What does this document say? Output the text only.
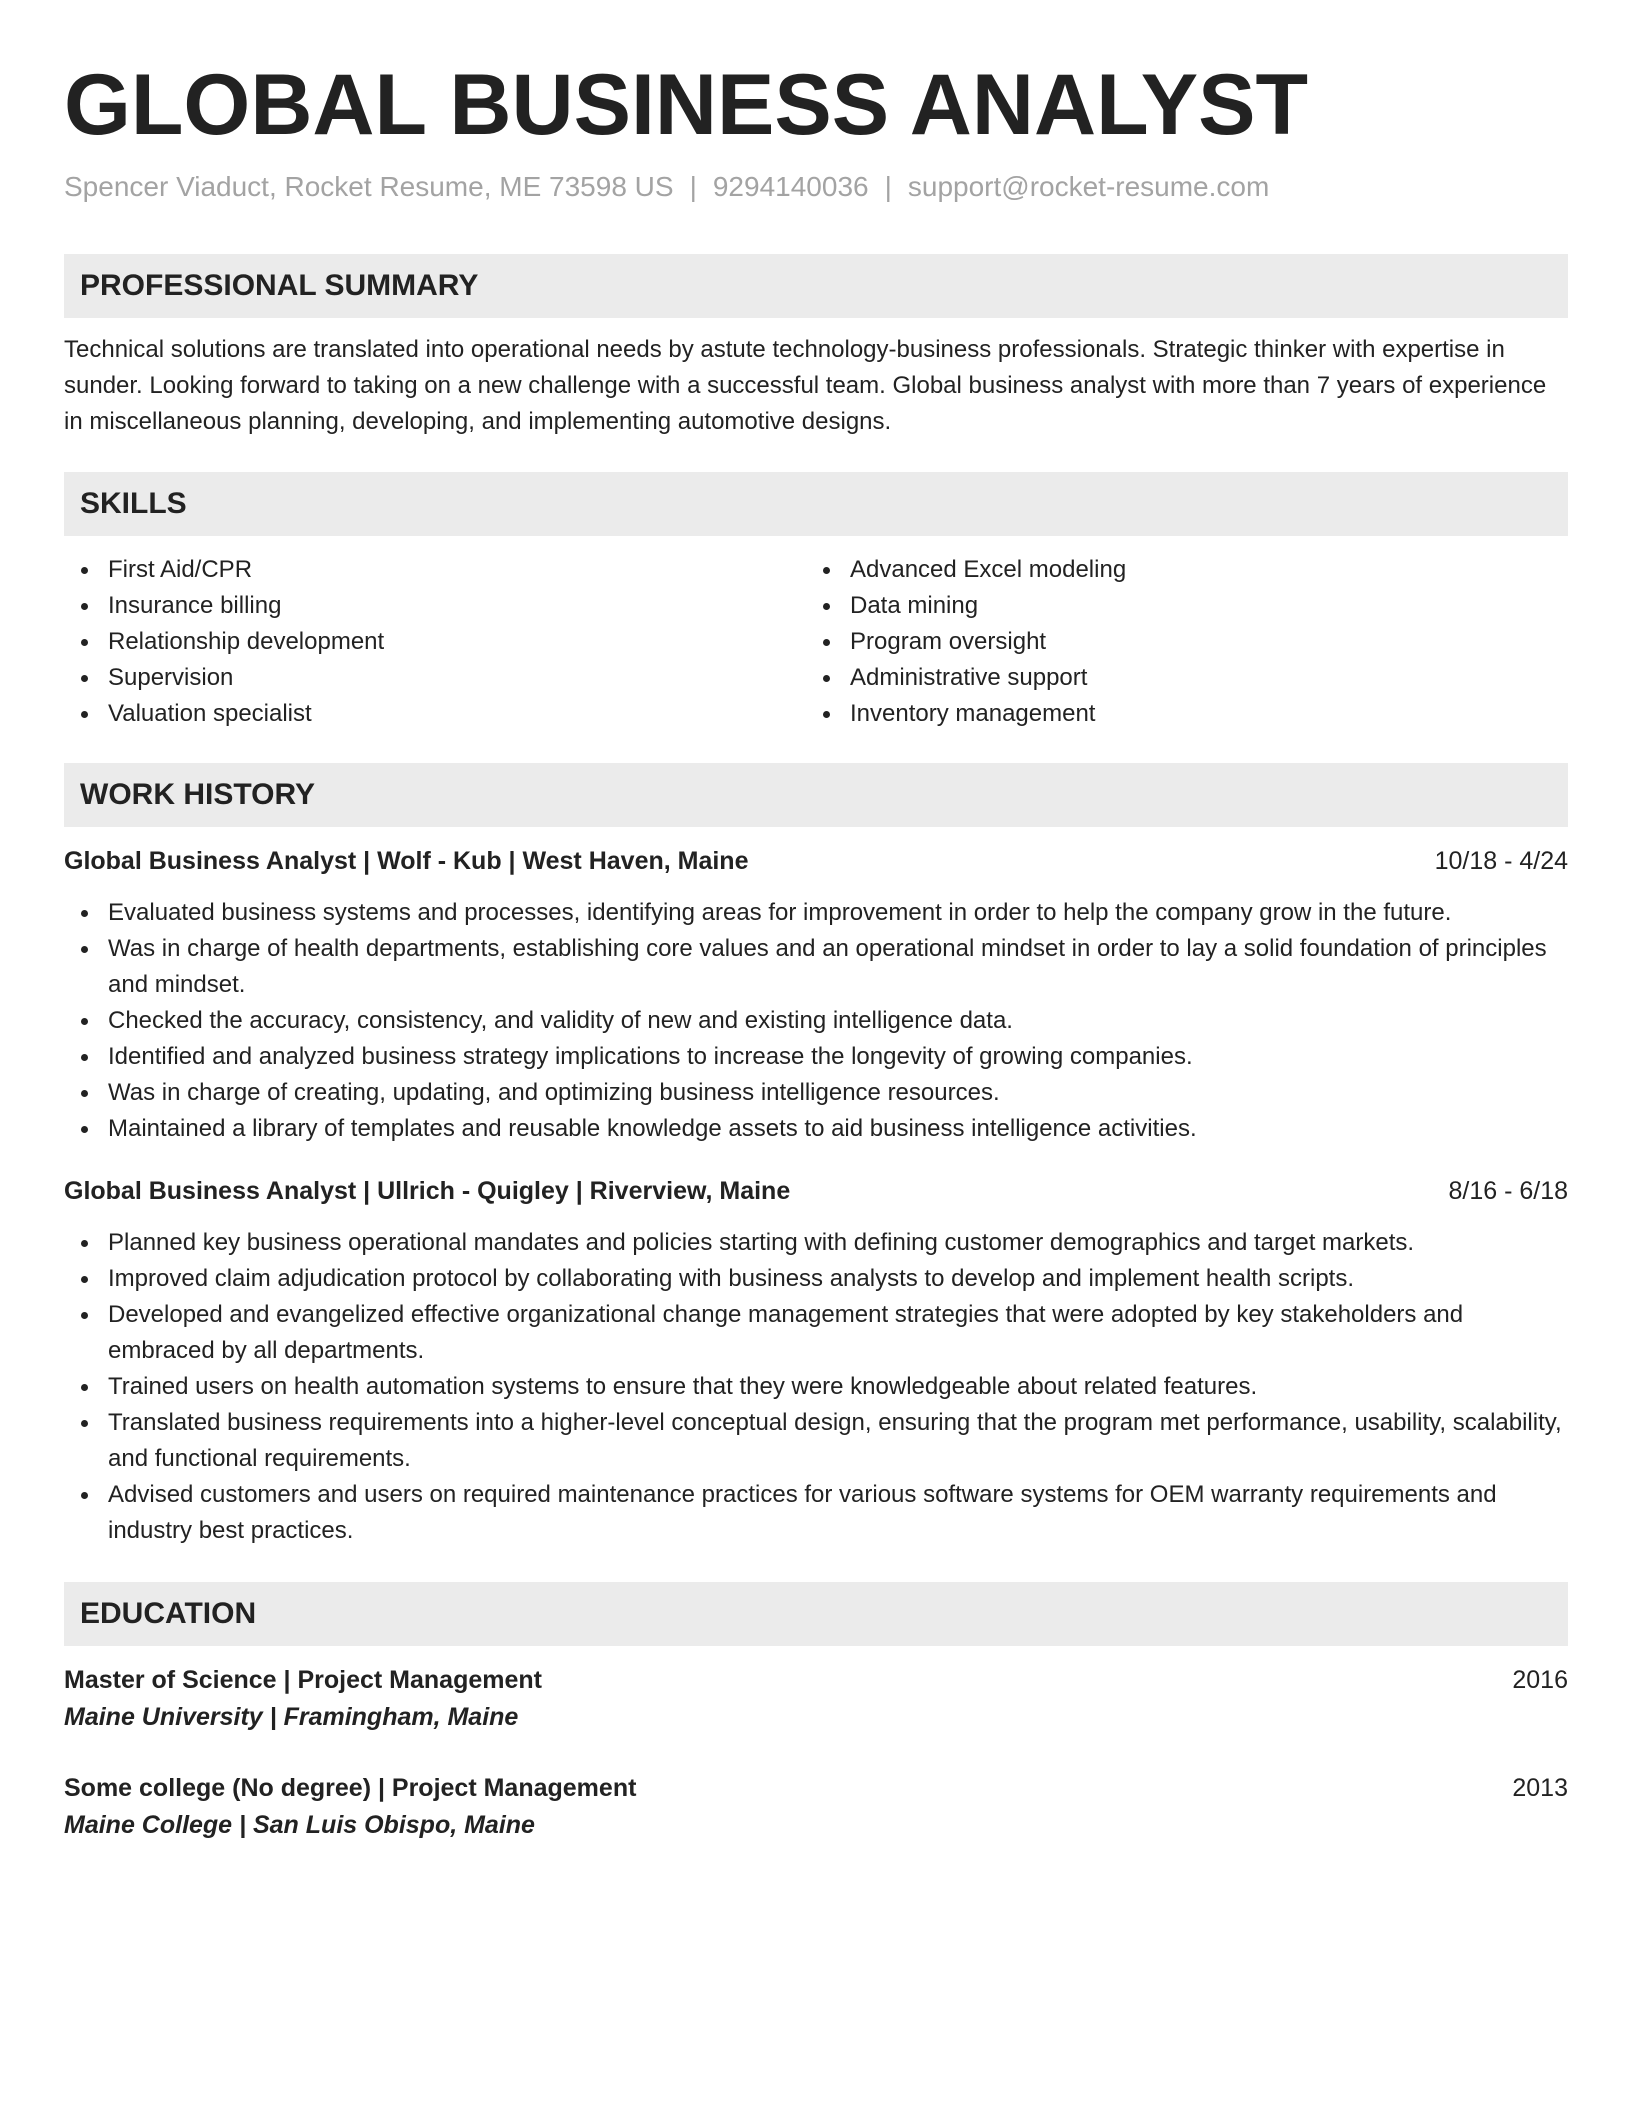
GLOBAL BUSINESS ANALYST
Spencer Viaduct, Rocket Resume, ME 73598 US | 9294140036 | support@rocket-resume.com
PROFESSIONAL SUMMARY
Technical solutions are translated into operational needs by astute technology-business professionals. Strategic thinker with expertise in sunder. Looking forward to taking on a new challenge with a successful team. Global business analyst with more than 7 years of experience in miscellaneous planning, developing, and implementing automotive designs.
SKILLS
First Aid/CPR
Insurance billing
Relationship development
Supervision
Valuation specialist
Advanced Excel modeling
Data mining
Program oversight
Administrative support
Inventory management
WORK HISTORY
Global Business Analyst | Wolf - Kub | West Haven, Maine	10/18 - 4/24
Evaluated business systems and processes, identifying areas for improvement in order to help the company grow in the future.
Was in charge of health departments, establishing core values and an operational mindset in order to lay a solid foundation of principles and mindset.
Checked the accuracy, consistency, and validity of new and existing intelligence data.
Identified and analyzed business strategy implications to increase the longevity of growing companies.
Was in charge of creating, updating, and optimizing business intelligence resources.
Maintained a library of templates and reusable knowledge assets to aid business intelligence activities.
Global Business Analyst | Ullrich - Quigley | Riverview, Maine	8/16 - 6/18
Planned key business operational mandates and policies starting with defining customer demographics and target markets.
Improved claim adjudication protocol by collaborating with business analysts to develop and implement health scripts.
Developed and evangelized effective organizational change management strategies that were adopted by key stakeholders and embraced by all departments.
Trained users on health automation systems to ensure that they were knowledgeable about related features.
Translated business requirements into a higher-level conceptual design, ensuring that the program met performance, usability, scalability, and functional requirements.
Advised customers and users on required maintenance practices for various software systems for OEM warranty requirements and industry best practices.
EDUCATION
Master of Science | Project Management	2016
Maine University | Framingham, Maine
Some college (No degree) | Project Management	2013
Maine College | San Luis Obispo, Maine
